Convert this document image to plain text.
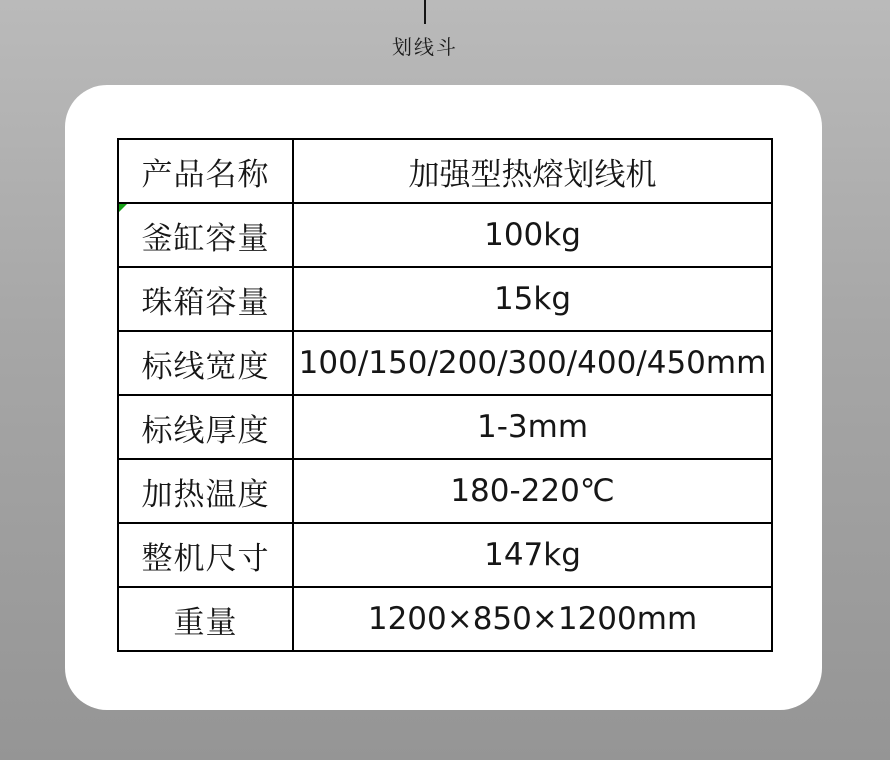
划线斗
产品名称	加强型热熔划线机

釜缸容量	100kg
珠箱容量	15kg
标线宽度	100/150/200/300/400/450mm
标线厚度	1-3mm
加热温度	180-220℃
整机尺寸	147kg
重量	1200×850×1200mm
